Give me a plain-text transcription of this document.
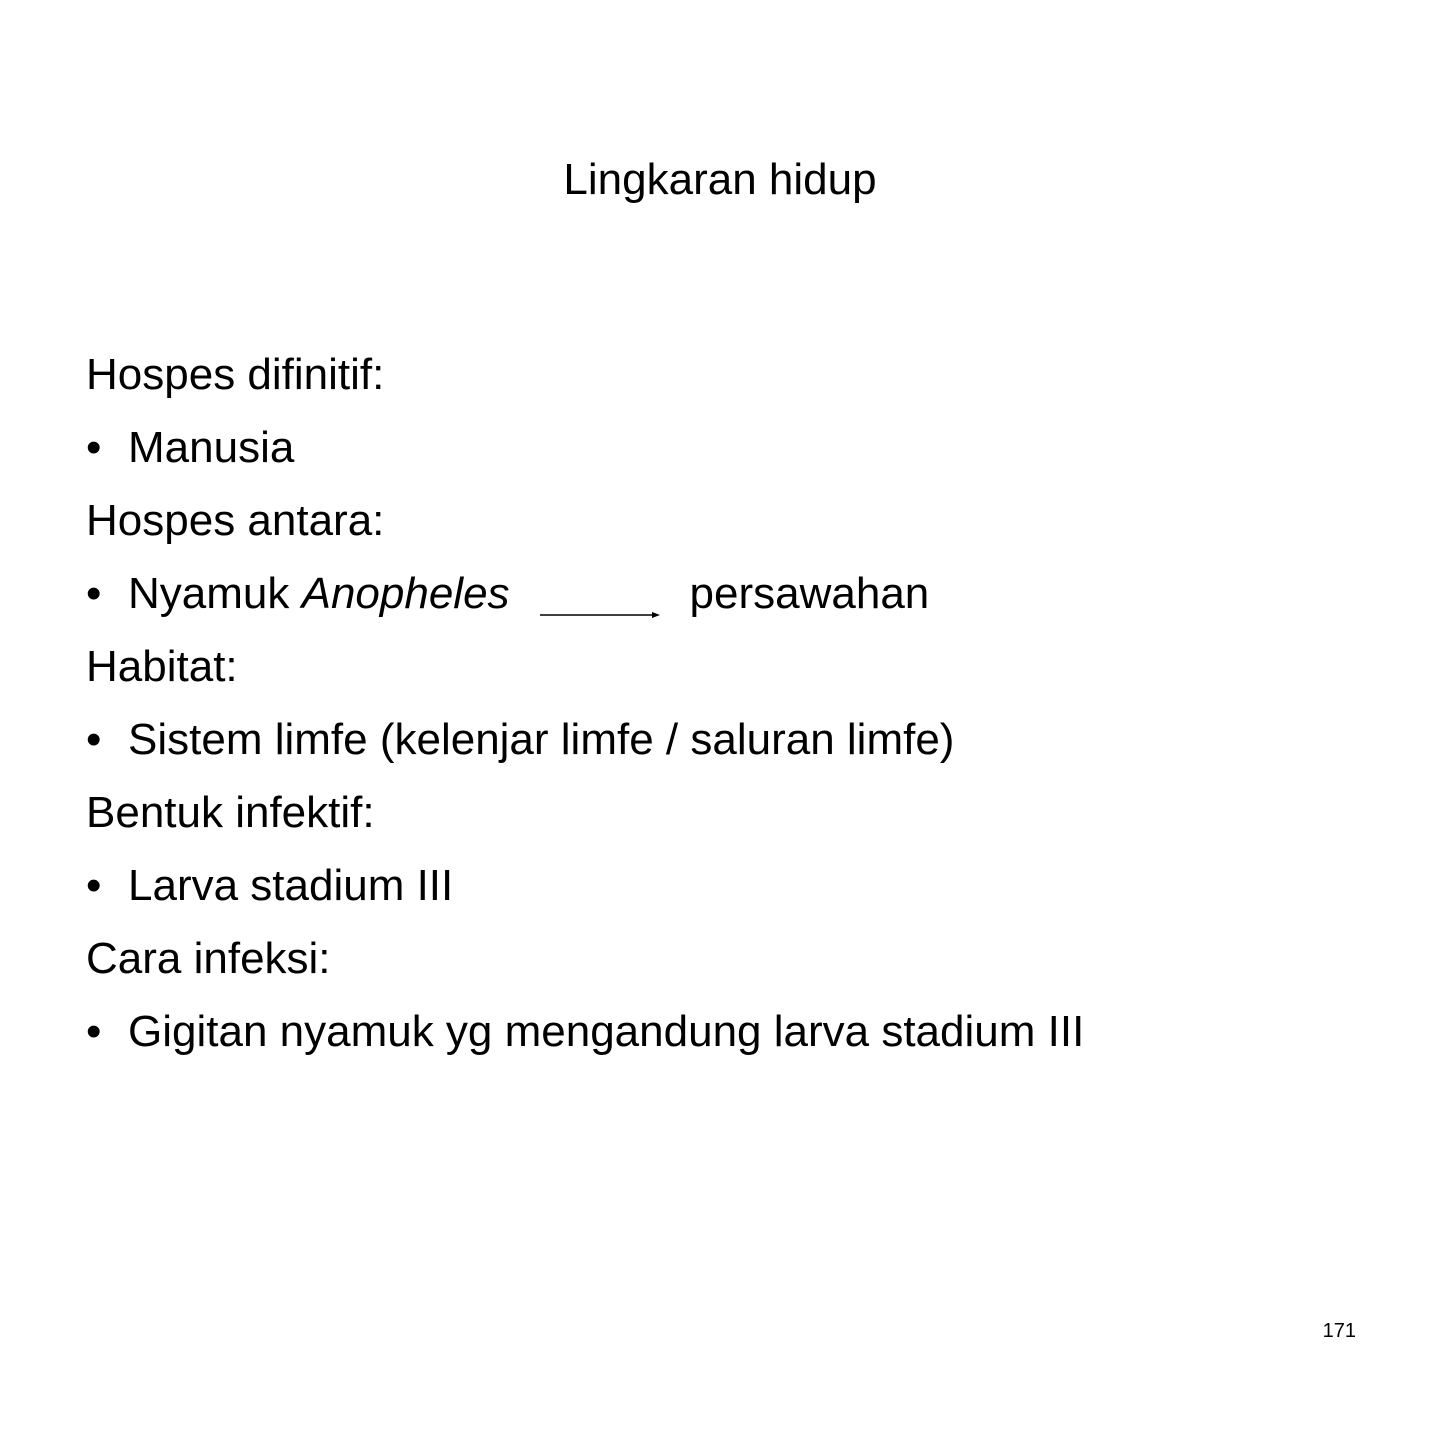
Lingkaran hidup
Hospes difinitif:
• Manusia
Hospes antara:
• Nyamuk Anopheles	persawahan
Habitat:
• Sistem limfe (kelenjar limfe / saluran limfe)
Bentuk infektif:
• Larva stadium III
Cara infeksi:
• Gigitan nyamuk yg mengandung larva stadium III
171
